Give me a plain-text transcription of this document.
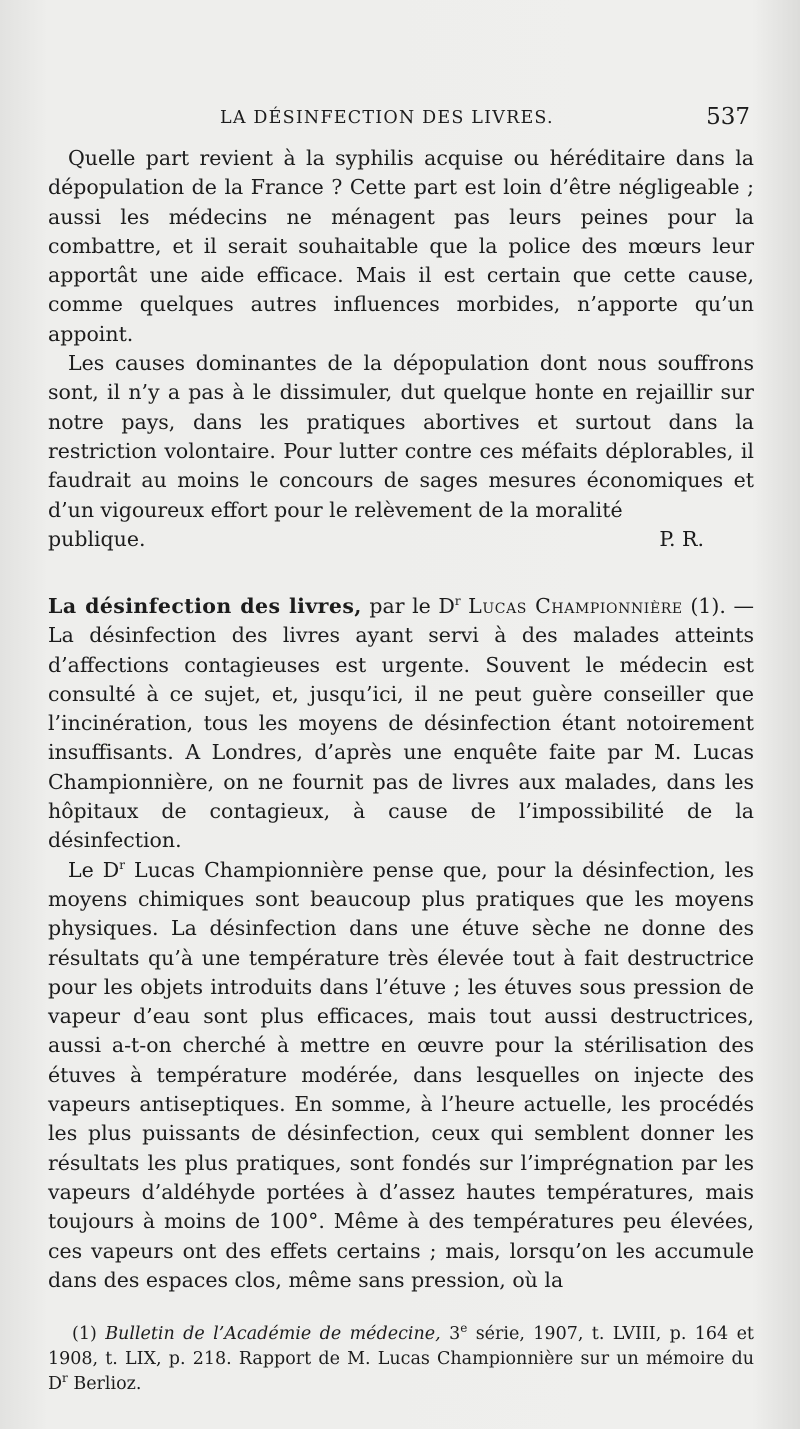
LA DÉSINFECTION DES LIVRES.	537

Quelle part revient à la syphilis acquise ou héréditaire dans la dépopulation de la France ? Cette part est loin d’être négligeable ; aussi les médecins ne ménagent pas leurs peines pour la combattre, et il serait souhaitable que la police des mœurs leur apportât une aide efficace. Mais il est certain que cette cause, comme quelques autres influences morbides, n’apporte qu’un appoint.

Les causes dominantes de la dépopulation dont nous souffrons sont, il n’y a pas à le dissimuler, dut quelque honte en rejaillir sur notre pays, dans les pratiques abortives et surtout dans la restriction volontaire. Pour lutter contre ces méfaits déplorables, il faudrait au moins le concours de sages mesures économiques et d’un vigoureux effort pour le relèvement de la moralité

publique.	P. R.

La désinfection des livres, par le $D^r$ Lucas Championnière (1). — La désinfection des livres ayant servi à des malades atteints d’affections contagieuses est urgente. Souvent le médecin est consulté à ce sujet, et, jusqu’ici, il ne peut guère conseiller que l’incinération, tous les moyens de désinfection étant notoirement insuffisants. A Londres, d’après une enquête faite par M. Lucas Championnière, on ne fournit pas de livres aux malades, dans les hôpitaux de contagieux, à cause de l’impossibilité de la désinfection.

Le $D^r$ Lucas Championnière pense que, pour la désinfection, les moyens chimiques sont beaucoup plus pratiques que les moyens physiques. La désinfection dans une étuve sèche ne donne des résultats qu’à une température très élevée tout à fait destructrice pour les objets introduits dans l’étuve ; les étuves sous pression de vapeur d’eau sont plus efficaces, mais tout aussi destructrices, aussi a-t-on cherché à mettre en œuvre pour la stérilisation des étuves à température modérée, dans lesquelles on injecte des vapeurs antiseptiques. En somme, à l’heure actuelle, les procédés les plus puissants de désinfection, ceux qui semblent donner les résultats les plus pratiques, sont fondés sur l’imprégnation par les vapeurs d’aldéhyde portées à d’assez hautes températures, mais toujours à moins de 100°. Même à des températures peu élevées, ces vapeurs ont des effets certains ; mais, lorsqu’on les accumule dans des espaces clos, même sans pression, où la

(1) Bulletin de l’Académie de médecine, 3e série, 1907, t. LVIII, p. 164 et 1908, t. LIX, p. 218. Rapport de M. Lucas Championnière sur un mémoire du $D^r$ Berlioz.
